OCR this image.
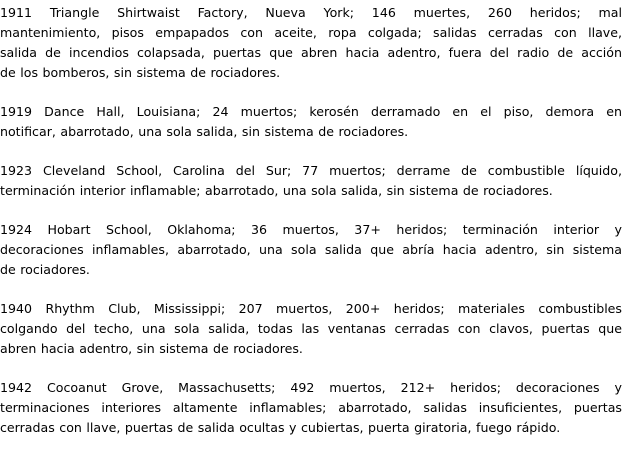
1911 Triangle Shirtwaist Factory, Nueva York; 146 muertes, 260 heridos; mal
mantenimiento, pisos empapados con aceite, ropa colgada; salidas cerradas con llave,
salida de incendios colapsada, puertas que abren hacia adentro, fuera del radio de acción
de los bomberos, sin sistema de rociadores.

1919 Dance Hall, Louisiana; 24 muertos; kerosén derramado en el piso, demora en
notificar, abarrotado, una sola salida, sin sistema de rociadores.

1923 Cleveland School, Carolina del Sur; 77 muertos; derrame de combustible líquido,
terminación interior inflamable; abarrotado, una sola salida, sin sistema de rociadores.

1924 Hobart School, Oklahoma; 36 muertos, 37+ heridos; terminación interior y
decoraciones inflamables, abarrotado, una sola salida que abría hacia adentro, sin sistema
de rociadores.

1940 Rhythm Club, Mississippi; 207 muertos, 200+ heridos; materiales combustibles
colgando del techo, una sola salida, todas las ventanas cerradas con clavos, puertas que
abren hacia adentro, sin sistema de rociadores.

1942 Cocoanut Grove, Massachusetts; 492 muertos, 212+ heridos; decoraciones y
terminaciones interiores altamente inflamables; abarrotado, salidas insuficientes, puertas
cerradas con llave, puertas de salida ocultas y cubiertas, puerta giratoria, fuego rápido.
